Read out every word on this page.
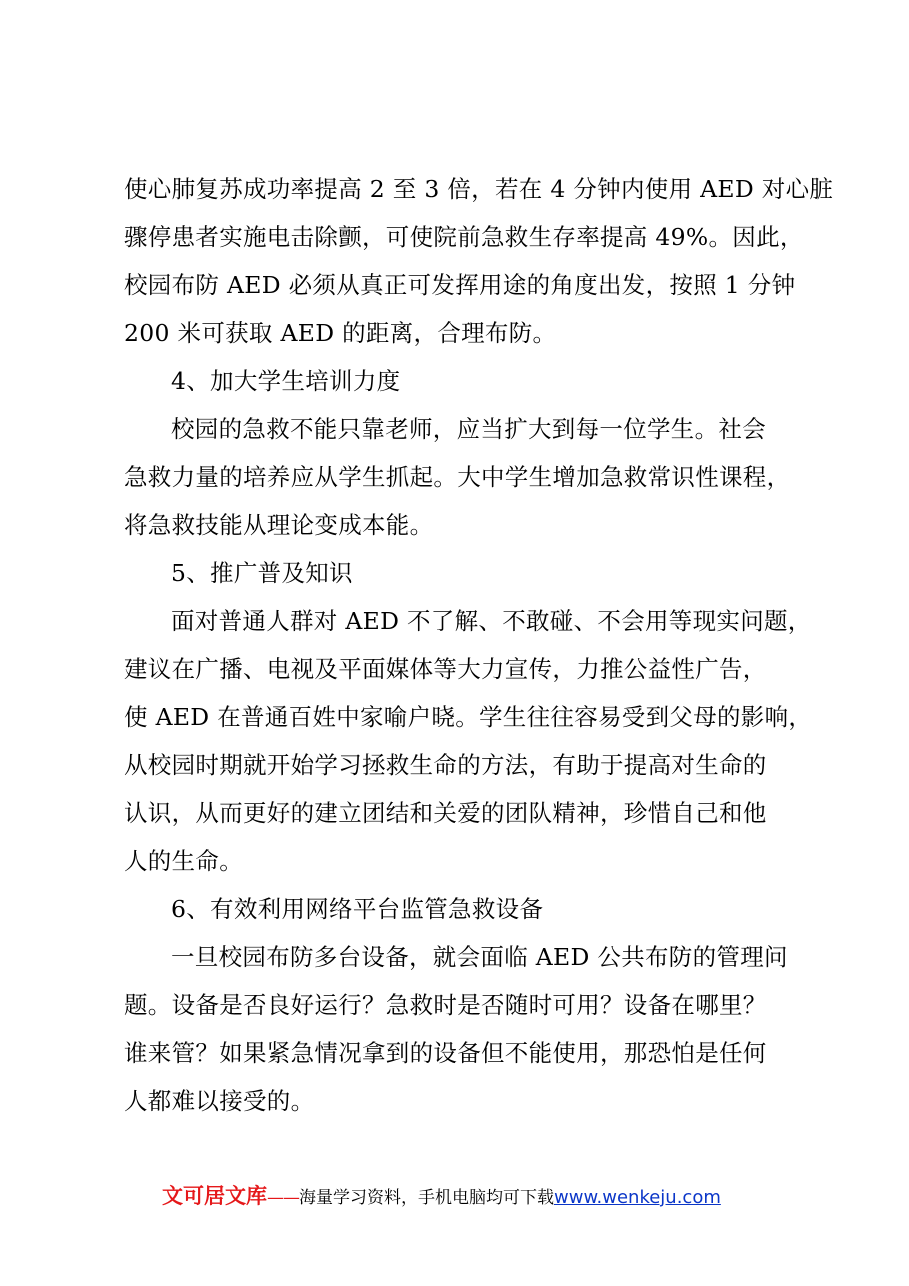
使心肺复苏成功率提高 2 至 3 倍，若在 4 分钟内使用 AED 对心脏
骤停患者实施电击除颤，可使院前急救生存率提高 49%。因此，
校园布防 AED 必须从真正可发挥用途的角度出发，按照 1 分钟
200 米可获取 AED 的距离，合理布防。
4、加大学生培训力度
校园的急救不能只靠老师，应当扩大到每一位学生。社会
急救力量的培养应从学生抓起。大中学生增加急救常识性课程，
将急救技能从理论变成本能。
5、推广普及知识
面对普通人群对 AED 不了解、不敢碰、不会用等现实问题，
建议在广播、电视及平面媒体等大力宣传，力推公益性广告，
使 AED 在普通百姓中家喻户晓。学生往往容易受到父母的影响，
从校园时期就开始学习拯救生命的方法，有助于提高对生命的
认识，从而更好的建立团结和关爱的团队精神，珍惜自己和他
人的生命。
6、有效利用网络平台监管急救设备
一旦校园布防多台设备，就会面临 AED 公共布防的管理问
题。设备是否良好运行？急救时是否随时可用？设备在哪里？
谁来管？如果紧急情况拿到的设备但不能使用，那恐怕是任何
人都难以接受的。
文可居文库——海量学习资料，手机电脑均可下载www.wenkeju.com
